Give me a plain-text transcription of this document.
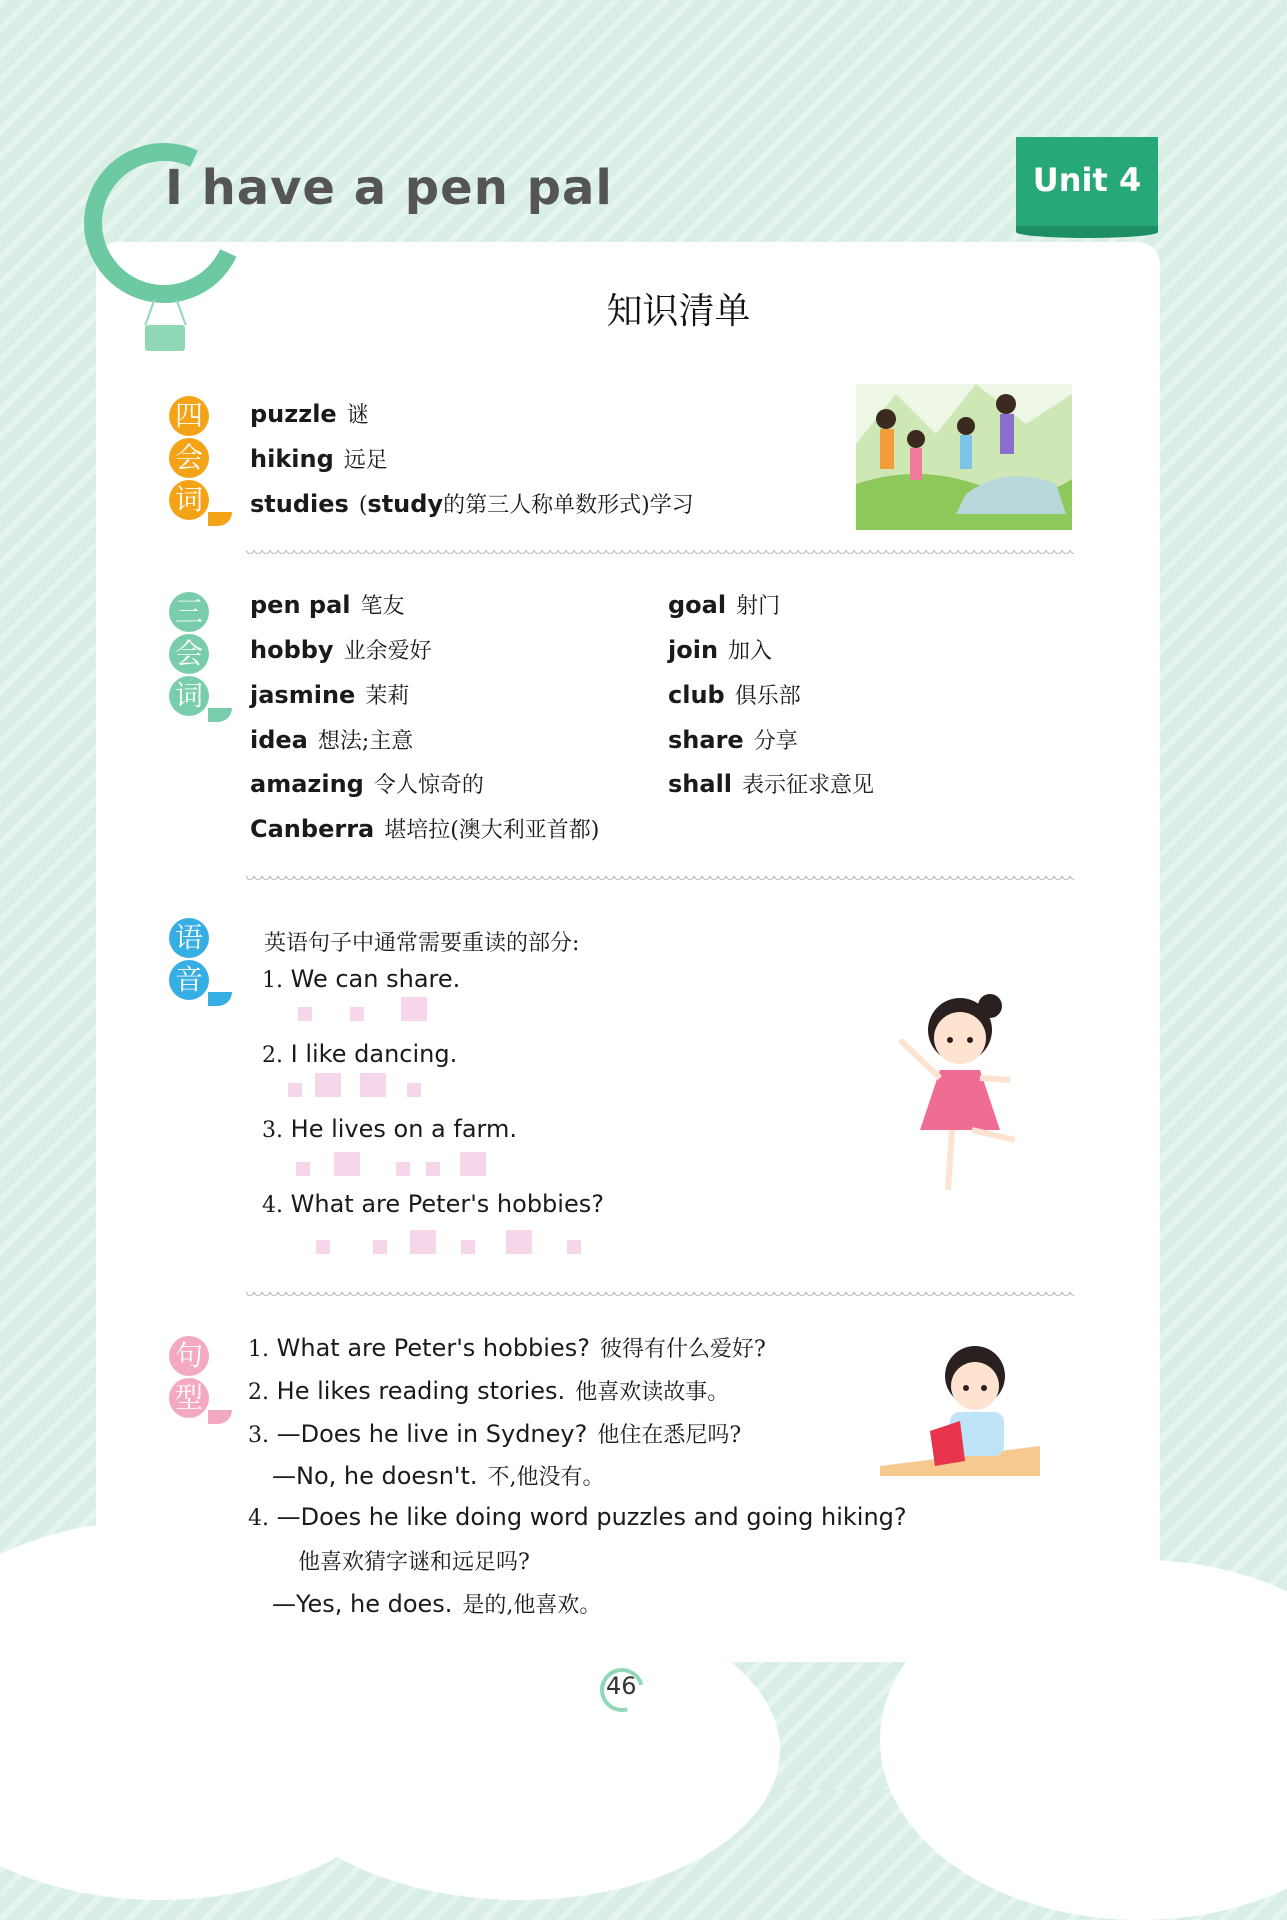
I have a pen pal	Unit 4
知识清单
四
会
词
puzzle 谜
hiking 远足
studies (study的第三人称单数形式)学习
三
会
词
pen pal 笔友
hobby 业余爱好
jasmine 茉莉
idea 想法;主意
amazing 令人惊奇的
Canberra 堪培拉(澳大利亚首都)
goal 射门
join 加入
club 俱乐部
share 分享
shall 表示征求意见
语
音
英语句子中通常需要重读的部分:
1. We can share.
2. I like dancing.
3. He lives on a farm.
4. What are Peter's hobbies?
句
型
1. What are Peter's hobbies? 彼得有什么爱好?
2. He likes reading stories. 他喜欢读故事。
3. —Does he live in Sydney? 他住在悉尼吗?
—No, he doesn't. 不,他没有。
4. —Does he like doing word puzzles and going hiking?
他喜欢猜字谜和远足吗?
—Yes, he does. 是的,他喜欢。
46
